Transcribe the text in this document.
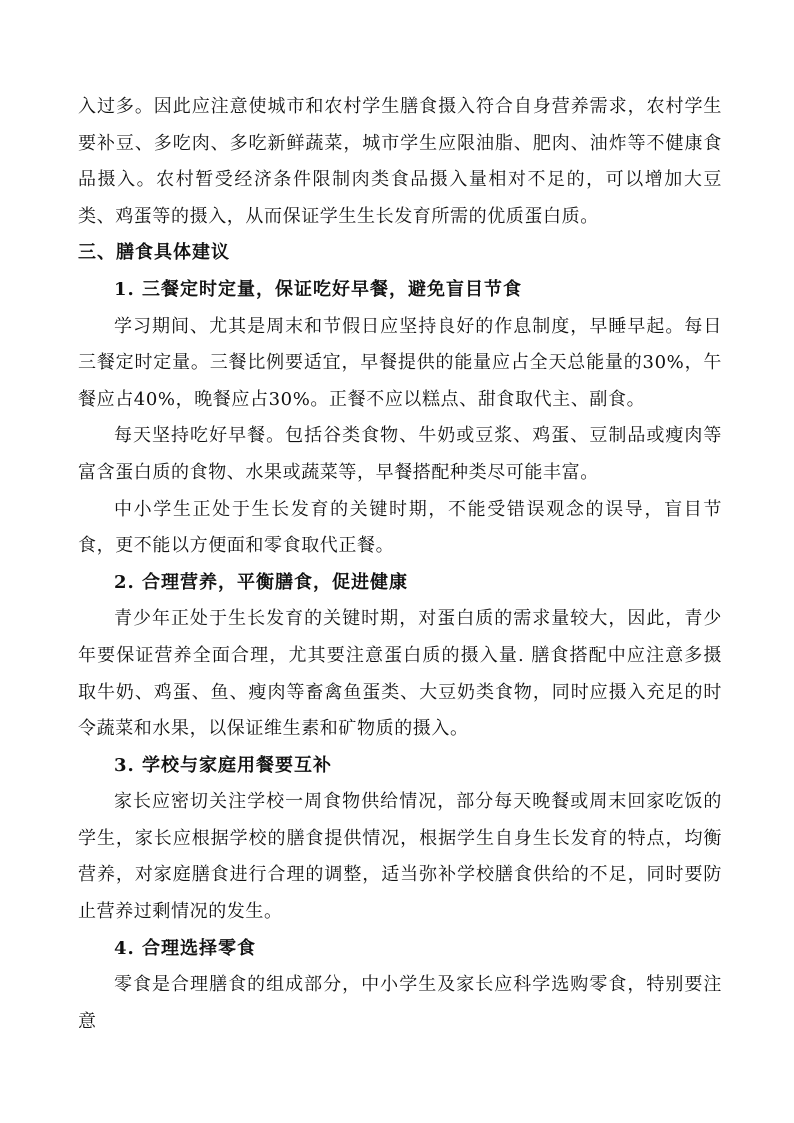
入过多。因此应注意使城市和农村学生膳食摄入符合自身营养需求，农村学生要补豆、多吃肉、多吃新鲜蔬菜，城市学生应限油脂、肥肉、油炸等不健康食品摄入。农村暂受经济条件限制肉类食品摄入量相对不足的，可以增加大豆类、鸡蛋等的摄入，从而保证学生生长发育所需的优质蛋白质。

三、膳食具体建议
1. 三餐定时定量，保证吃好早餐，避免盲目节食

学习期间、尤其是周末和节假日应坚持良好的作息制度，早睡早起。每日三餐定时定量。三餐比例要适宜，早餐提供的能量应占全天总能量的30%，午餐应占40%，晚餐应占30%。正餐不应以糕点、甜食取代主、副食。

每天坚持吃好早餐。包括谷类食物、牛奶或豆浆、鸡蛋、豆制品或瘦肉等富含蛋白质的食物、水果或蔬菜等，早餐搭配种类尽可能丰富。

中小学生正处于生长发育的关键时期，不能受错误观念的误导，盲目节食，更不能以方便面和零食取代正餐。

2. 合理营养，平衡膳食，促进健康

青少年正处于生长发育的关键时期，对蛋白质的需求量较大，因此，青少年要保证营养全面合理，尤其要注意蛋白质的摄入量. 膳食搭配中应注意多摄取牛奶、鸡蛋、鱼、瘦肉等畜禽鱼蛋类、大豆奶类食物，同时应摄入充足的时令蔬菜和水果，以保证维生素和矿物质的摄入。

3. 学校与家庭用餐要互补

家长应密切关注学校一周食物供给情况，部分每天晚餐或周末回家吃饭的学生，家长应根据学校的膳食提供情况，根据学生自身生长发育的特点，均衡营养，对家庭膳食进行合理的调整，适当弥补学校膳食供给的不足，同时要防止营养过剩情况的发生。

4. 合理选择零食

零食是合理膳食的组成部分，中小学生及家长应科学选购零食，特别要注意
